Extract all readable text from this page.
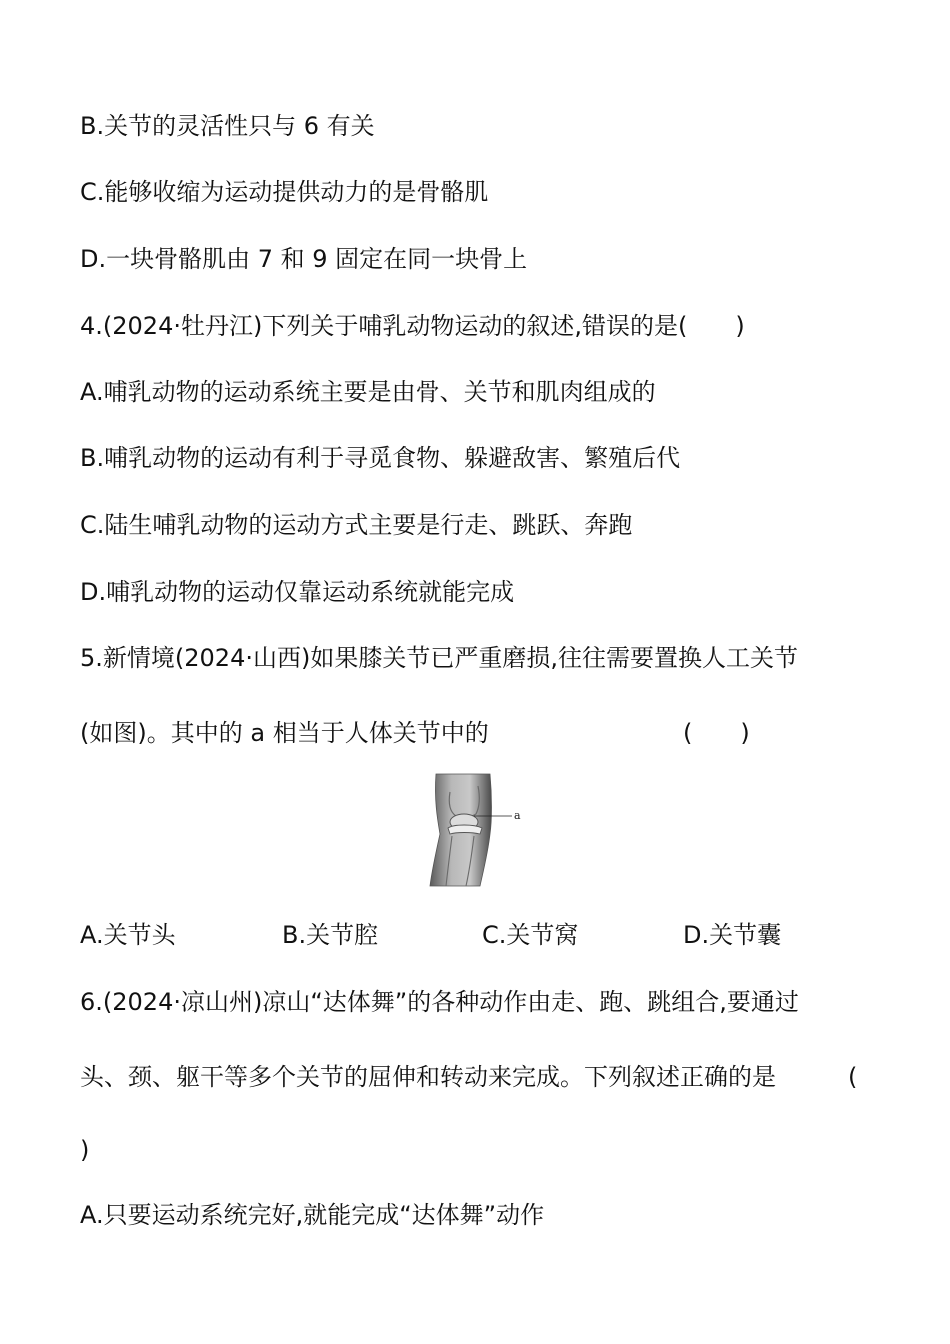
B.关节的灵活性只与 6 有关
C.能够收缩为运动提供动力的是骨骼肌
D.一块骨骼肌由 7 和 9 固定在同一块骨上
4.(2024·牡丹江)下列关于哺乳动物运动的叙述,错误的是(　　)
A.哺乳动物的运动系统主要是由骨、关节和肌肉组成的
B.哺乳动物的运动有利于寻觅食物、躲避敌害、繁殖后代
C.陆生哺乳动物的运动方式主要是行走、跳跃、奔跑
D.哺乳动物的运动仅靠运动系统就能完成
5.新情境(2024·山西)如果膝关节已严重磨损,往往需要置换人工关节
(如图)。其中的 a 相当于人体关节中的	(　　)
a
A.关节头	B.关节腔	C.关节窝	D.关节囊
6.(2024·凉山州)凉山“达体舞”的各种动作由走、跑、跳组合,要通过
头、颈、躯干等多个关节的屈伸和转动来完成。下列叙述正确的是	(
)
A.只要运动系统完好,就能完成“达体舞”动作
